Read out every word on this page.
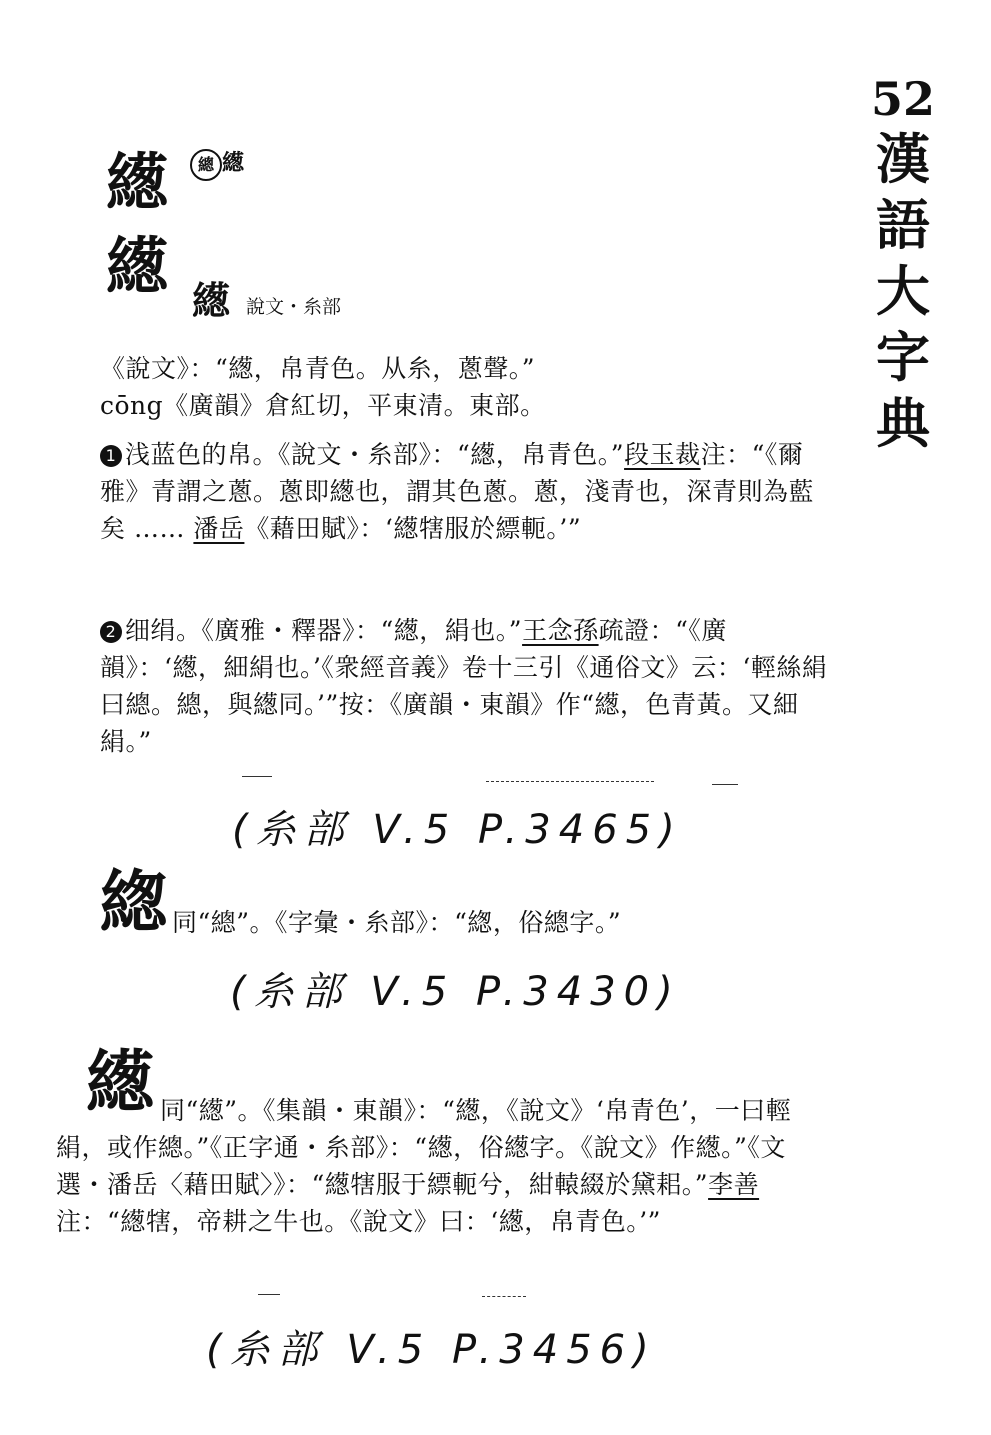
52
漢
語
大
字
典
繱	總 繱
繱 繱 說文・糸部

《說文》：“繱，帛青色。从糸，蔥聲。”

cōng《廣韻》倉紅切，平東清。東部。

1 浅蓝色的帛。《說文・糸部》：“繱，帛青色。”段玉裁注：“《爾雅》青謂之蔥。蔥即繱也，謂其色蔥。蔥，淺青也，深青則為藍矣 …… 潘岳《藉田賦》：‘繱犗服於縹軛。’”

2 细绢。《廣雅・釋器》：“繱，絹也。”王念孫疏證：“《廣韻》：‘繱，細絹也。’《衆經音義》卷十三引《通俗文》云：‘輕絲絹曰總。總，與繱同。’”按：《廣韻・東韻》作“繱，色青黃。又細絹。”

(糸部 V.5 P.3465)
緫 同“總”。《字彙・糸部》：“緫，俗總字。”
(糸部 V.5 P.3430)
繱 同“繱”。《集韻・東韻》：“繱，《說文》‘帛青色’，一曰輕絹，或作總。”《正字通・糸部》：“繱，俗繱字。《說文》作繱。”《文選・潘岳〈藉田賦〉》：“繱犗服于縹軛兮，紺轅綴於黛耜。”李善注：“繱犗，帝耕之牛也。《說文》曰：‘繱，帛青色。’”

(糸部 V.5 P.3456)
